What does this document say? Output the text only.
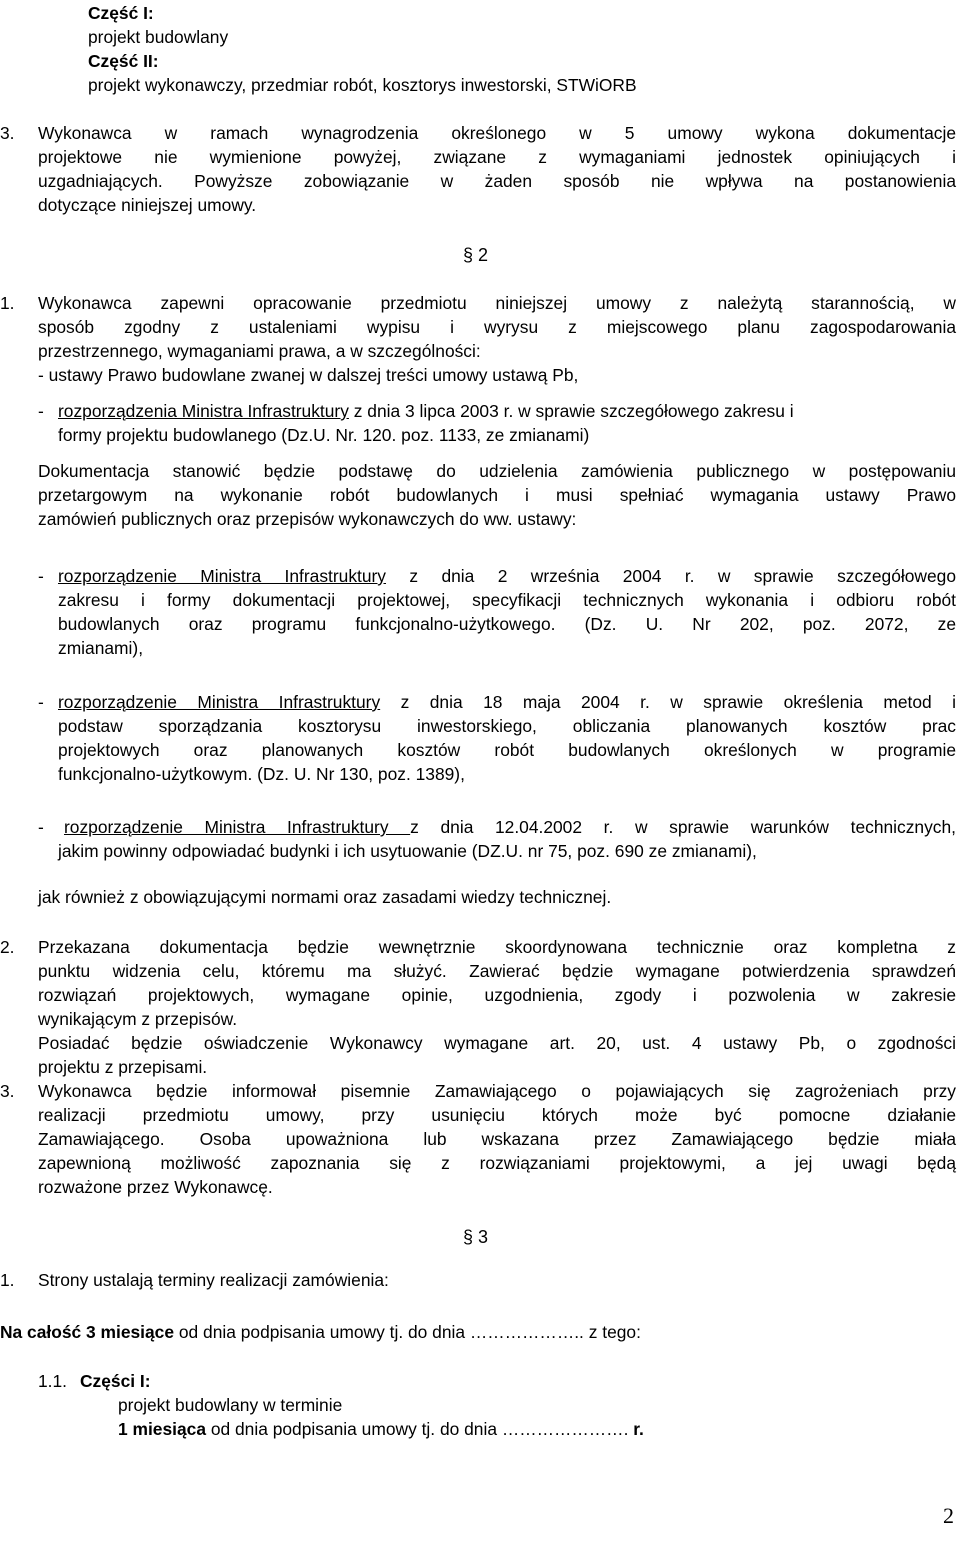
Część I:
projekt budowlany
Część II:
projekt wykonawczy, przedmiar robót, kosztorys inwestorski, STWiORB
3. Wykonawca w ramach wynagrodzenia określonego w 5 umowy wykona dokumentacje
projektowe nie wymienione powyżej, związane z wymaganiami jednostek opiniujących i
uzgadniających. Powyższe zobowiązanie w żaden sposób nie wpływa na postanowienia
dotyczące niniejszej umowy.
§ 2
1. Wykonawca zapewni opracowanie przedmiotu niniejszej umowy z należytą starannością, w
sposób zgodny z ustaleniami wypisu i wyrysu z miejscowego planu zagospodarowania
przestrzennego, wymaganiami prawa, a w szczególności:
- ustawy Prawo budowlane zwanej w dalszej treści umowy ustawą Pb,
-rozporządzenia Ministra Infrastruktury z dnia 3 lipca 2003 r. w sprawie szczegółowego zakresu i
formy projektu budowlanego (Dz.U. Nr. 120. poz. 1133, ze zmianami)
Dokumentacja stanowić będzie podstawę do udzielenia zamówienia publicznego w postępowaniu
przetargowym na wykonanie robót budowlanych i musi spełniać wymagania ustawy Prawo
zamówień publicznych oraz przepisów wykonawczych do ww. ustawy:
-rozporządzenie Ministra Infrastruktury z dnia 2 września 2004 r. w sprawie szczegółowego
zakresu i formy dokumentacji projektowej, specyfikacji technicznych wykonania i odbioru robót
budowlanych oraz programu funkcjonalno-użytkowego. (Dz. U. Nr 202, poz. 2072, ze
zmianami),
-rozporządzenie Ministra Infrastruktury z dnia 18 maja 2004 r. w sprawie określenia metod i
podstaw sporządzania kosztorysu inwestorskiego, obliczania planowanych kosztów prac
projektowych oraz planowanych kosztów robót budowlanych określonych w programie
funkcjonalno-użytkowym. (Dz. U. Nr 130, poz. 1389),
-rozporządzenie Ministra Infrastruktury z dnia 12.04.2002 r. w sprawie warunków technicznych,
jakim powinny odpowiadać budynki i ich usytuowanie (DZ.U. nr 75, poz. 690 ze zmianami),
jak również z obowiązującymi normami oraz zasadami wiedzy technicznej.
2. Przekazana dokumentacja będzie wewnętrznie skoordynowana technicznie oraz kompletna z
punktu widzenia celu, któremu ma służyć. Zawierać będzie wymagane potwierdzenia sprawdzeń
rozwiązań projektowych, wymagane opinie, uzgodnienia, zgody i pozwolenia w zakresie
wynikającym z przepisów.
Posiadać będzie oświadczenie Wykonawcy wymagane art. 20, ust. 4 ustawy Pb, o zgodności
projektu z przepisami.
3. Wykonawca będzie informował pisemnie Zamawiającego o pojawiających się zagrożeniach przy
realizacji przedmiotu umowy, przy usunięciu których może być pomocne działanie
Zamawiającego. Osoba upoważniona lub wskazana przez Zamawiającego będzie miała
zapewnioną możliwość zapoznania się z rozwiązaniami projektowymi, a jej uwagi będą
rozważone przez Wykonawcę.
§ 3
1. Strony ustalają terminy realizacji zamówienia:
Na całość 3 miesiące od dnia podpisania umowy tj. do dnia ……………….. z tego:
1.1. Części I:
projekt budowlany w terminie
1 miesiąca od dnia podpisania umowy tj. do dnia …………………. r.
2
